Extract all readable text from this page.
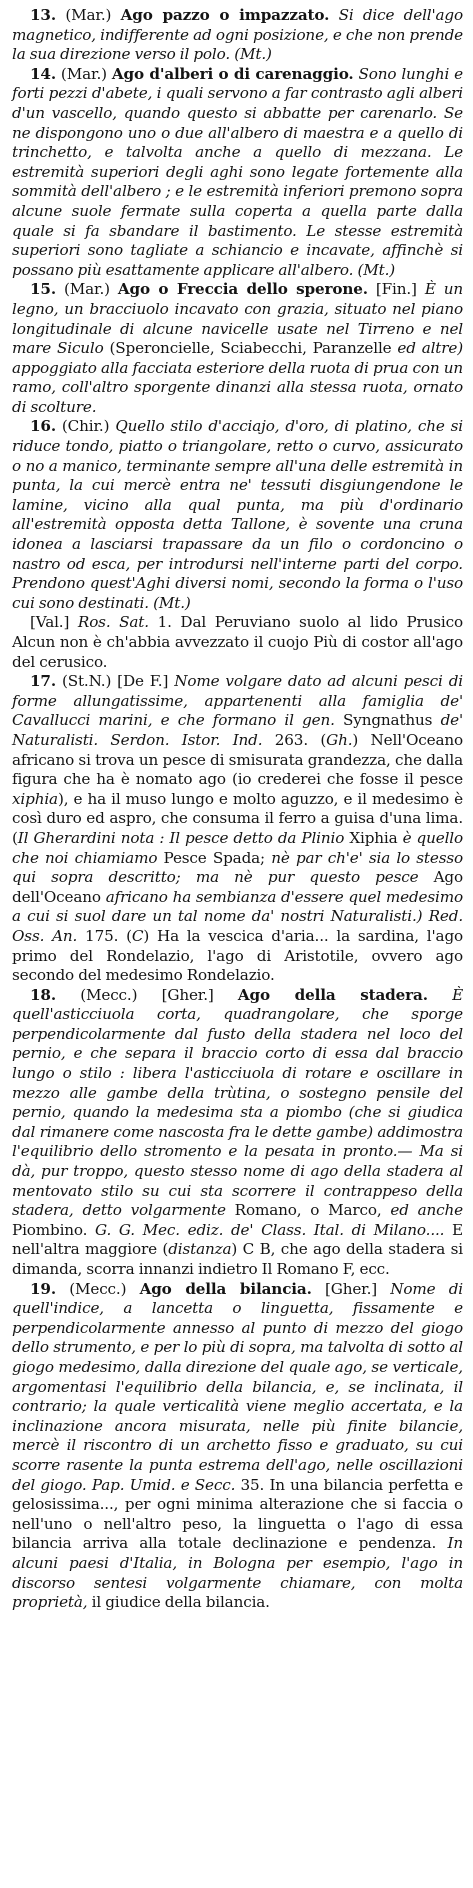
13. (Mar.) Ago pazzo o impazzato. Si dice dell'ago magnetico, indifferente ad ogni posizione, e che non prende la sua direzione verso il polo. (Mt.)

14. (Mar.) Ago d'alberi o di carenaggio. Sono lunghi e forti pezzi d'abete, i quali servono a far contrasto agli alberi d'un vascello, quando questo si abbatte per carenarlo. Se ne dispongono uno o due all'albero di maestra e a quello di trinchetto, e talvolta anche a quello di mezzana. Le estremità superiori degli aghi sono legate fortemente alla sommità dell'albero ; e le estremità inferiori premono sopra alcune suole fermate sulla coperta a quella parte dalla quale si fa sbandare il bastimento. Le stesse estremità superiori sono tagliate a schiancio e incavate, affinchè si possano più esattamente applicare all'albero. (Mt.)

15. (Mar.) Ago o Freccia dello sperone. [Fin.] È un legno, un bracciuolo incavato con grazia, situato nel piano longitudinale di alcune navicelle usate nel Tirreno e nel mare Siculo (Speroncielle, Sciabecchi, Paranzelle ed altre) appoggiato alla facciata esteriore della ruota di prua con un ramo, coll'altro sporgente dinanzi alla stessa ruota, ornato di scolture.

16. (Chir.) Quello stilo d'acciajo, d'oro, di platino, che si riduce tondo, piatto o triangolare, retto o curvo, assicurato o no a manico, terminante sempre all'una delle estremità in punta, la cui mercè entra ne' tessuti disgiungendone le lamine, vicino alla qual punta, ma più d'ordinario all'estremità opposta detta Tallone, è sovente una cruna idonea a lasciarsi trapassare da un filo o cordoncino o nastro od esca, per introdursi nell'interne parti del corpo. Prendono quest'Aghi diversi nomi, secondo la forma o l'uso cui sono destinati. (Mt.)

[Val.] Ros. Sat. 1. Dal Peruviano suolo al lido Prusico Alcun non è ch'abbia avvezzato il cuojo Più di costor all'ago del cerusico.

17. (St.N.) [De F.] Nome volgare dato ad alcuni pesci di forme allungatissime, appartenenti alla famiglia de' Cavallucci marini, e che formano il gen. Syngnathus de' Naturalisti. Serdon. Istor. Ind. 263. (Gh.) Nell'Oceano africano si trova un pesce di smisurata grandezza, che dalla figura che ha è nomato ago (io crederei che fosse il pesce xiphia), e ha il muso lungo e molto aguzzo, e il medesimo è così duro ed aspro, che consuma il ferro a guisa d'una lima. (Il Gherardini nota : Il pesce detto da Plinio Xiphia è quello che noi chiamiamo Pesce Spada; nè par ch'e' sia lo stesso qui sopra descritto; ma nè pur questo pesce Ago dell'Oceano africano ha sembianza d'essere quel medesimo a cui si suol dare un tal nome da' nostri Naturalisti.) Red. Oss. An. 175. (C) Ha la vescica d'aria... la sardina, l'ago primo del Rondelazio, l'ago di Aristotile, ovvero ago secondo del medesimo Rondelazio.

18. (Mecc.) [Gher.] Ago della stadera. È quell'asticciuola corta, quadrangolare, che sporge perpendicolarmente dal fusto della stadera nel loco del pernio, e che separa il braccio corto di essa dal braccio lungo o stilo : libera l'asticciuola di rotare e oscillare in mezzo alle gambe della trùtina, o sostegno pensile del pernio, quando la medesima sta a piombo (che si giudica dal rimanere come nascosta fra le dette gambe) addimostra l'equilibrio dello stromento e la pesata in pronto.— Ma si dà, pur troppo, questo stesso nome di ago della stadera al mentovato stilo su cui sta scorrere il contrappeso della stadera, detto volgarmente Romano, o Marco, ed anche Piombino. G. G. Mec. ediz. de' Class. Ital. di Milano.... E nell'altra maggiore (distanza) C B, che ago della stadera si dimanda, scorra innanzi indietro Il Romano F, ecc.

19. (Mecc.) Ago della bilancia. [Gher.] Nome di quell'indice, a lancetta o linguetta, fissamente e perpendicolarmente annesso al punto di mezzo del giogo dello strumento, e per lo più di sopra, ma talvolta di sotto al giogo medesimo, dalla direzione del quale ago, se verticale, argomentasi l'equilibrio della bilancia, e, se inclinata, il contrario; la quale verticalità viene meglio accertata, e la inclinazione ancora misurata, nelle più finite bilancie, mercè il riscontro di un archetto fisso e graduato, su cui scorre rasente la punta estrema dell'ago, nelle oscillazioni del giogo. Pap. Umid. e Secc. 35. In una bilancia perfetta e gelosissima..., per ogni minima alterazione che si faccia o nell'uno o nell'altro peso, la linguetta o l'ago di essa bilancia arriva alla totale declinazione e pendenza. In alcuni paesi d'Italia, in Bologna per esempio, l'ago in discorso sentesi volgarmente chiamare, con molta proprietà, il giudice della bilancia.
